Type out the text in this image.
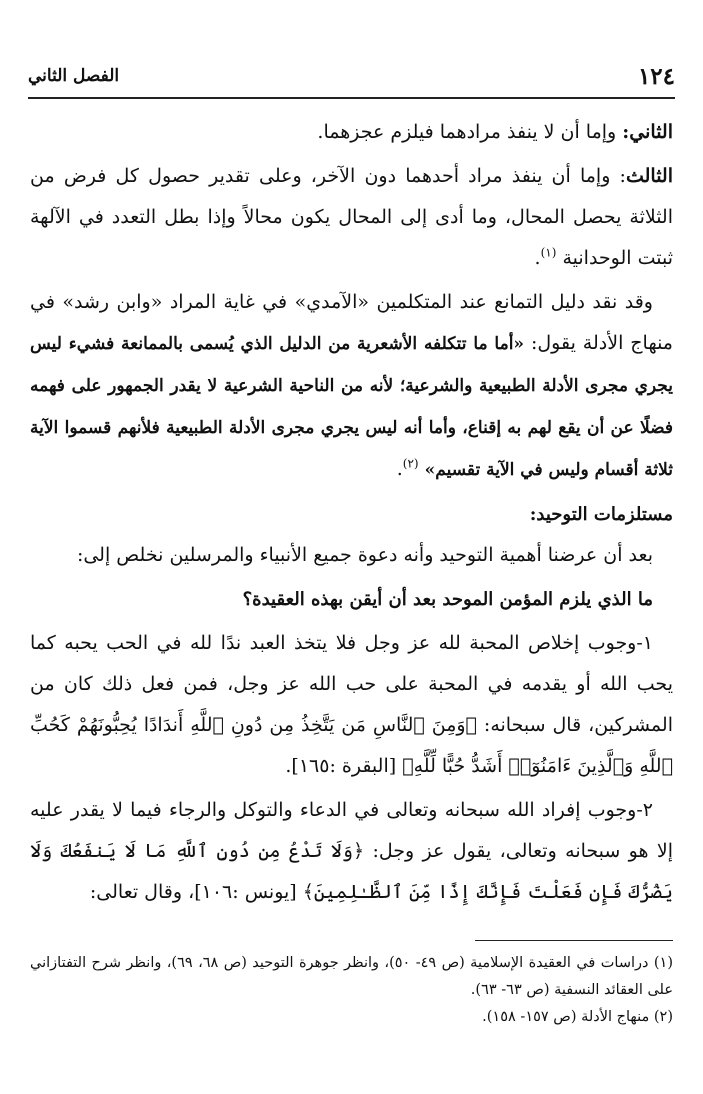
١٢٤
الفصل الثاني

الثاني: وإما أن لا ينفذ مرادهما فيلزم عجزهما.

الثالث: وإما أن ينفذ مراد أحدهما دون الآخر، وعلى تقدير حصول كل فرض من الثلاثة يحصل المحال، وما أدى إلى المحال يكون محالاً وإذا بطل التعدد في الآلهة ثبتت الوحدانية $^{(١)}$.

وقد نقد دليل التمانع عند المتكلمين «الآمدي» في غاية المراد «وابن رشد» في منهاج الأدلة يقول: «أما ما تتكلفه الأشعرية من الدليل الذي يُسمى بالممانعة فشيء ليس يجري مجرى الأدلة الطبيعية والشرعية؛ لأنه من الناحية الشرعية لا يقدر الجمهور على فهمه فضلًا عن أن يقع لهم به إقناع، وأما أنه ليس يجري مجرى الأدلة الطبيعية فلأنهم قسموا الآية ثلاثة أقسام وليس في الآية تقسيم» $^{(٢)}$.

مستلزمات التوحيد:

بعد أن عرضنا أهمية التوحيد وأنه دعوة جميع الأنبياء والمرسلين نخلص إلى:

ما الذي يلزم المؤمن الموحد بعد أن أيقن بهذه العقيدة؟

١-وجوب إخلاص المحبة لله عز وجل فلا يتخذ العبد ندًا لله في الحب يحبه كما يحب الله أو يقدمه في المحبة على حب الله عز وجل، فمن فعل ذلك كان من المشركين، قال سبحانه: ﴿وَمِنَ ٱلنَّاسِ مَن يَتَّخِذُ مِن دُونِ ٱللَّهِ أَندَادًا يُحِبُّونَهُمْ كَحُبِّ ٱللَّهِ وَٱلَّذِينَ ءَامَنُوٓا۟ أَشَدُّ حُبًّا لِّلَّهِ﴾ [البقرة :١٦٥].

٢-وجوب إفراد الله سبحانه وتعالى في الدعاء والتوكل والرجاء فيما لا يقدر عليه إلا هو سبحانه وتعالى، يقول عز وجل: ﴿وَلَا تَدْعُ مِن دُونِ ٱللَّهِ مَا لَا يَنفَعُكَ وَلَا يَضُرُّكَ فَإِن فَعَلْتَ فَإِنَّكَ إِذًا مِّنَ ٱلظَّـٰلِمِينَ﴾ [يونس :١٠٦]، وقال تعالى:

(١) دراسات في العقيدة الإسلامية (ص ٤٩- ٥٠)، وانظر جوهرة التوحيد (ص ٦٨، ٦٩)، وانظر شرح التفتازاني على العقائد النسفية (ص ٦٣- ٦٣).

(٢) منهاج الأدلة (ص ١٥٧- ١٥٨).
